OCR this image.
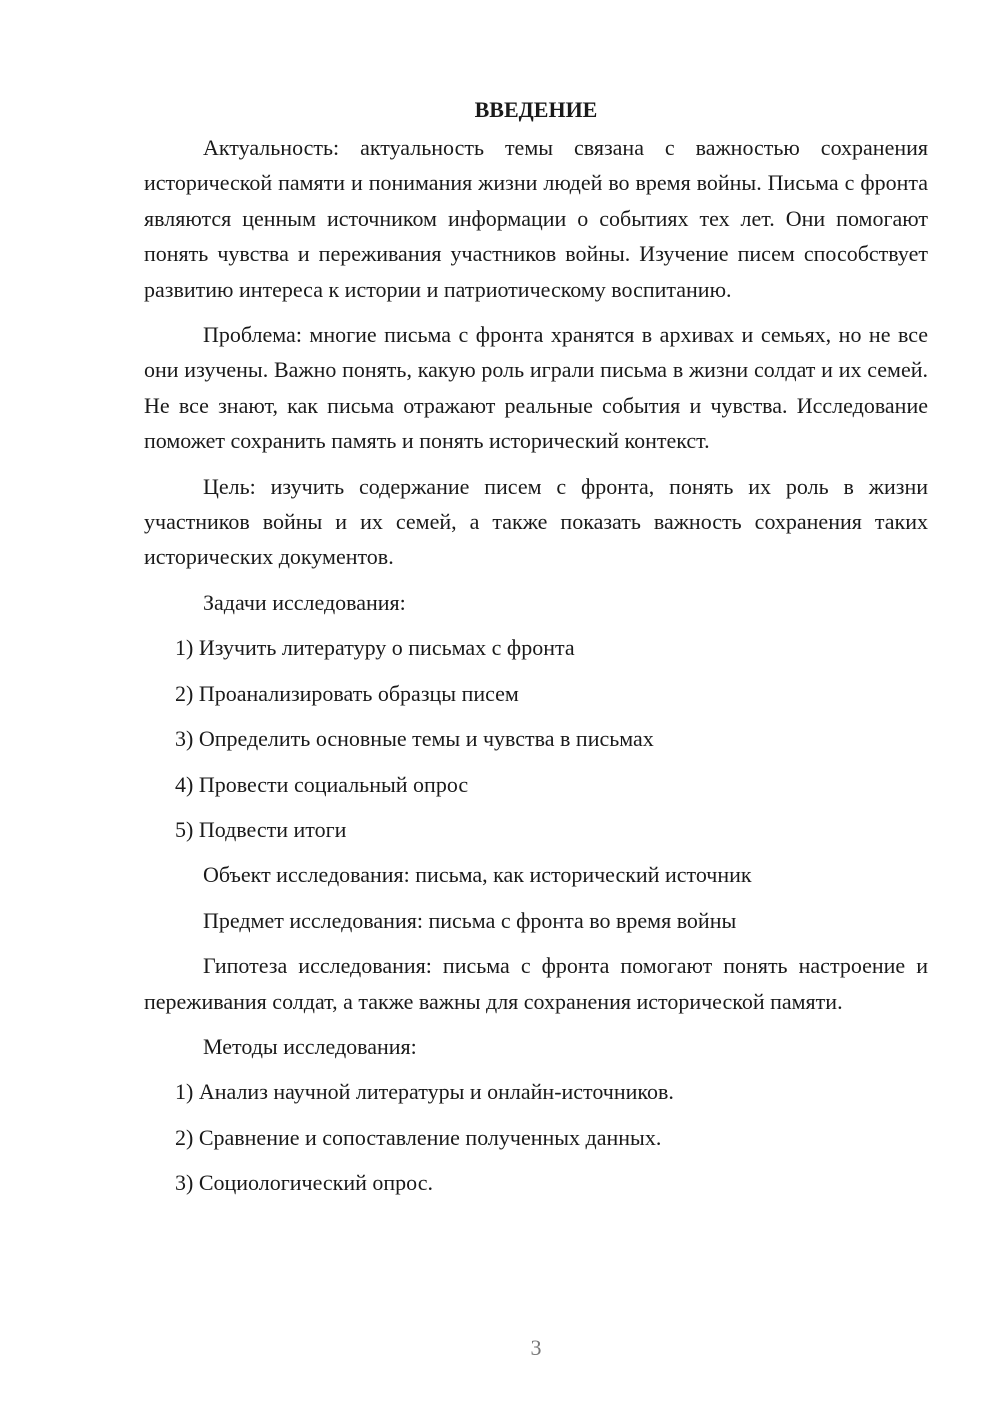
ВВЕДЕНИЕ

Актуальность: актуальность темы связана с важностью сохранения исторической памяти и понимания жизни людей во время войны. Письма с фронта являются ценным источником информации о событиях тех лет. Они помогают понять чувства и переживания участников войны. Изучение писем способствует развитию интереса к истории и патриотическому воспитанию.

Проблема: многие письма с фронта хранятся в архивах и семьях, но не все они изучены. Важно понять, какую роль играли письма в жизни солдат и их семей. Не все знают, как письма отражают реальные события и чувства. Исследование поможет сохранить память и понять исторический контекст.

Цель: изучить содержание писем с фронта, понять их роль в жизни участников войны и их семей, а также показать важность сохранения таких исторических документов.

Задачи исследования:

1) Изучить литературу о письмах с фронта

2) Проанализировать образцы писем

3) Определить основные темы и чувства в письмах

4) Провести социальный опрос

5) Подвести итоги

Объект исследования: письма, как исторический источник

Предмет исследования: письма с фронта во время войны

Гипотеза исследования: письма с фронта помогают понять настроение и переживания солдат, а также важны для сохранения исторической памяти.

Методы исследования:

1) Анализ научной литературы и онлайн-источников.

2) Сравнение и сопоставление полученных данных.

3) Социологический опрос.

3
